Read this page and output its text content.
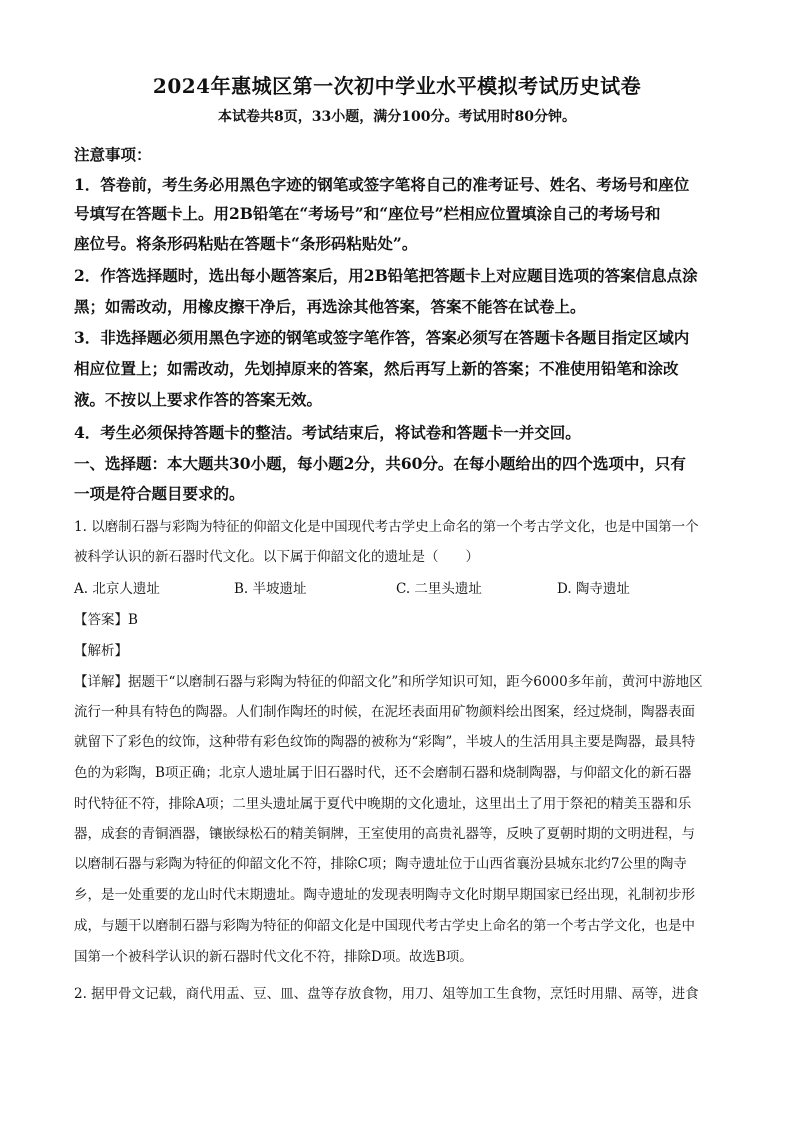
2024年惠城区第一次初中学业水平模拟考试历史试卷
本试卷共8页，33小题，满分100分。考试用时80分钟。
注意事项：
1．答卷前，考生务必用黑色字迹的钢笔或签字笔将自己的准考证号、姓名、考场号和座位
号填写在答题卡上。用2B铅笔在“考场号”和“座位号”栏相应位置填涂自己的考场号和
座位号。将条形码粘贴在答题卡“条形码粘贴处”。
2．作答选择题时，选出每小题答案后，用2B铅笔把答题卡上对应题目选项的答案信息点涂
黑；如需改动，用橡皮擦干净后，再选涂其他答案，答案不能答在试卷上。
3．非选择题必须用黑色字迹的钢笔或签字笔作答，答案必须写在答题卡各题目指定区域内
相应位置上；如需改动，先划掉原来的答案，然后再写上新的答案；不准使用铅笔和涂改
液。不按以上要求作答的答案无效。
4．考生必须保持答题卡的整洁。考试结束后，将试卷和答题卡一并交回。
一、选择题：本大题共30小题，每小题2分，共60分。在每小题给出的四个选项中，只有
一项是符合题目要求的。
1. 以磨制石器与彩陶为特征的仰韶文化是中国现代考古学史上命名的第一个考古学文化，也是中国第一个
被科学认识的新石器时代文化。以下属于仰韶文化的遗址是（　　）
A. 北京人遗址	B. 半坡遗址	C. 二里头遗址	D. 陶寺遗址
【答案】B
【解析】
【详解】据题干“以磨制石器与彩陶为特征的仰韶文化”和所学知识可知，距今6000多年前，黄河中游地区
流行一种具有特色的陶器。人们制作陶坯的时候，在泥坯表面用矿物颜料绘出图案，经过烧制，陶器表面
就留下了彩色的纹饰，这种带有彩色纹饰的陶器的被称为“彩陶”，半坡人的生活用具主要是陶器，最具特
色的为彩陶，B项正确；北京人遗址属于旧石器时代，还不会磨制石器和烧制陶器，与仰韶文化的新石器
时代特征不符，排除A项；二里头遗址属于夏代中晚期的文化遗址，这里出土了用于祭祀的精美玉器和乐
器，成套的青铜酒器，镶嵌绿松石的精美铜牌，王室使用的高贵礼器等，反映了夏朝时期的文明进程，与
以磨制石器与彩陶为特征的仰韶文化不符，排除C项；陶寺遗址位于山西省襄汾县城东北约7公里的陶寺
乡，是一处重要的龙山时代末期遗址。陶寺遗址的发现表明陶寺文化时期早期国家已经出现，礼制初步形
成，与题干以磨制石器与彩陶为特征的仰韶文化是中国现代考古学史上命名的第一个考古学文化，也是中
国第一个被科学认识的新石器时代文化不符，排除D项。故选B项。
2. 据甲骨文记载，商代用盂、豆、皿、盘等存放食物，用刀、俎等加工生食物，烹饪时用鼎、鬲等，进食
